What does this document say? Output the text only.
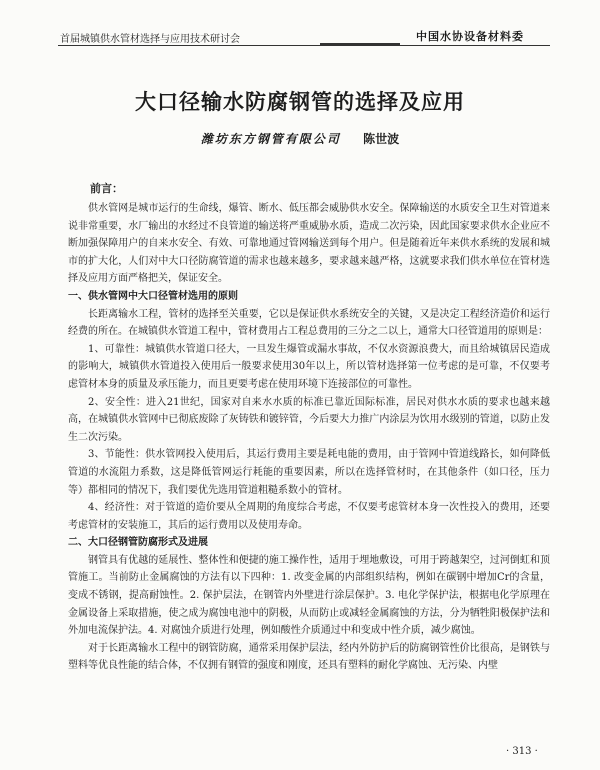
首届城镇供水管材选择与应用技术研讨会	中国水协设备材料委
大口径输水防腐钢管的选择及应用
潍坊东方钢管有限公司 陈世波
前言：

供水管网是城市运行的生命线，爆管、断水、低压都会威胁供水安全。保障输送的水质安全卫生对管道来说非常重要，水厂输出的水经过不良管道的输送将严重威胁水质，造成二次污染，因此国家要求供水企业应不断加强保障用户的自来水安全、有效、可靠地通过管网输送到每个用户。但是随着近年来供水系统的发展和城市的扩大化，人们对中大口径防腐管道的需求也越来越多，要求越来越严格，这就要求我们供水单位在管材选择及应用方面严格把关，保证安全。

一、供水管网中大口径管材选用的原则

长距离输水工程，管材的选择至关重要，它以是保证供水系统安全的关键，又是决定工程经济造价和运行经费的所在。在城镇供水管道工程中，管材费用占工程总费用的三分之二以上，通常大口径管道用的原则是：

1、可靠性：城镇供水管道口径大，一旦发生爆管或漏水事故，不仅水资源浪费大，而且给城镇居民造成的影响大，城镇供水管道投入使用后一般要求使用30年以上，所以管材选择第一位考虑的是可靠，不仅要考虑管材本身的质量及承压能力，而且更要考虑在使用环境下连接部位的可靠性。

2、安全性：进入21世纪，国家对自来水水质的标准已靠近国际标准，居民对供水水质的要求也越来越高，在城镇供水管网中已彻底废除了灰铸铁和镀锌管，今后要大力推广内涂层为饮用水级别的管道，以防止发生二次污染。

3、节能性：供水管网投入使用后，其运行费用主要是耗电能的费用，由于管网中管道线路长，如何降低管道的水流阻力系数，这是降低管网运行耗能的重要因素，所以在选择管材时，在其他条件（如口径，压力等）都相同的情况下，我们要优先选用管道粗糙系数小的管材。

4、经济性：对于管道的造价要从全周期的角度综合考虑，不仅要考虑管材本身一次性投入的费用，还要考虑管材的安装施工，其后的运行费用以及使用寿命。

二、大口径钢管防腐形式及进展

钢管具有优越的延展性、整体性和便捷的施工操作性，适用于埋地敷设，可用于跨越架空，过河倒虹和顶管施工。当前防止金属腐蚀的方法有以下四种：1. 改变金属的内部组织结构，例如在碳钢中增加Cr的含量，变成不锈钢，提高耐蚀性。2. 保护层法，在钢管内外壁进行涂层保护。3. 电化学保护法，根据电化学原理在金属设备上采取措施，使之成为腐蚀电池中的阴极，从而防止或减轻金属腐蚀的方法，分为牺牲阳极保护法和外加电流保护法。4. 对腐蚀介质进行处理，例如酸性介质通过中和变成中性介质，减少腐蚀。

对于长距离输水工程中的钢管防腐，通常采用保护层法，经内外防护后的防腐钢管性价比很高，是钢铁与塑料等优良性能的结合体，不仅拥有钢管的强度和刚度，还具有塑料的耐化学腐蚀、无污染、内壁

· 313 ·
